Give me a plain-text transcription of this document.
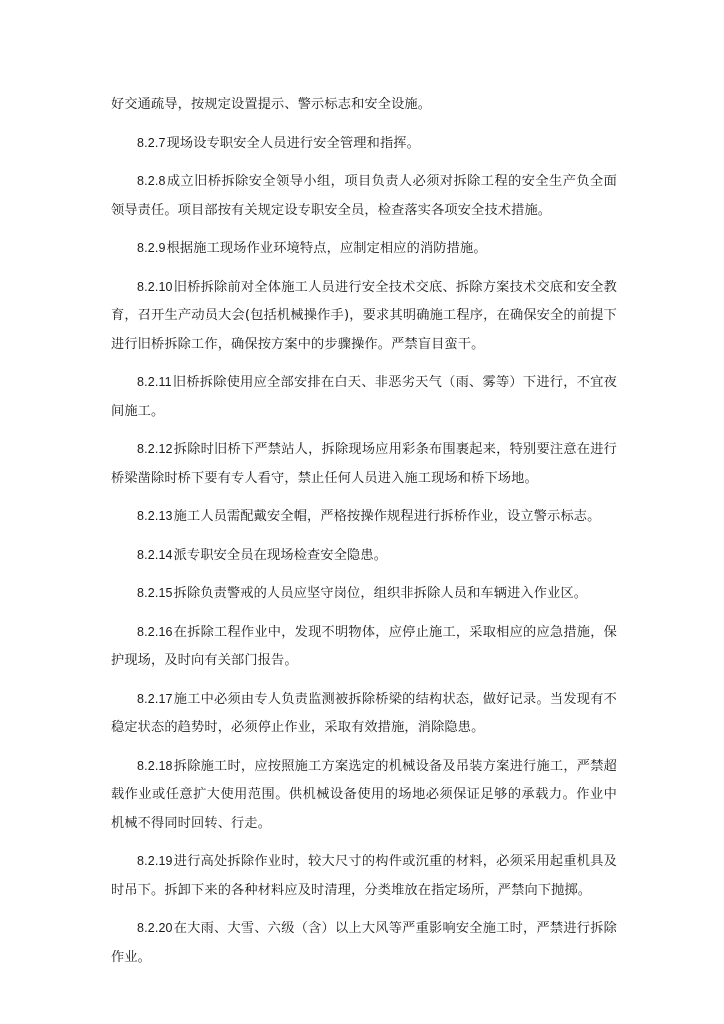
好交通疏导，按规定设置提示、警示标志和安全设施。

8.2.7现场设专职安全人员进行安全管理和指挥。

8.2.8成立旧桥拆除安全领导小组，项目负责人必须对拆除工程的安全生产负全面领导责任。项目部按有关规定设专职安全员，检查落实各项安全技术措施。

8.2.9根据施工现场作业环境特点，应制定相应的消防措施。

8.2.10旧桥拆除前对全体施工人员进行安全技术交底、拆除方案技术交底和安全教育，召开生产动员大会(包括机械操作手)，要求其明确施工程序，在确保安全的前提下进行旧桥拆除工作，确保按方案中的步骤操作。严禁盲目蛮干。

8.2.11旧桥拆除使用应全部安排在白天、非恶劣天气（雨、雾等）下进行，不宜夜间施工。

8.2.12拆除时旧桥下严禁站人，拆除现场应用彩条布围裹起来，特别要注意在进行桥梁凿除时桥下要有专人看守，禁止任何人员进入施工现场和桥下场地。

8.2.13施工人员需配戴安全帽，严格按操作规程进行拆桥作业，设立警示标志。

8.2.14派专职安全员在现场检查安全隐患。

8.2.15拆除负责警戒的人员应坚守岗位，组织非拆除人员和车辆进入作业区。

8.2.16在拆除工程作业中，发现不明物体，应停止施工，采取相应的应急措施，保护现场，及时向有关部门报告。

8.2.17施工中必须由专人负责监测被拆除桥梁的结构状态，做好记录。当发现有不稳定状态的趋势时，必须停止作业，采取有效措施，消除隐患。

8.2.18拆除施工时，应按照施工方案选定的机械设备及吊装方案进行施工，严禁超载作业或任意扩大使用范围。供机械设备使用的场地必须保证足够的承载力。作业中机械不得同时回转、行走。

8.2.19进行高处拆除作业时，较大尺寸的构件或沉重的材料，必须采用起重机具及时吊下。拆卸下来的各种材料应及时清理，分类堆放在指定场所，严禁向下抛掷。

8.2.20在大雨、大雪、六级（含）以上大风等严重影响安全施工时，严禁进行拆除作业。
